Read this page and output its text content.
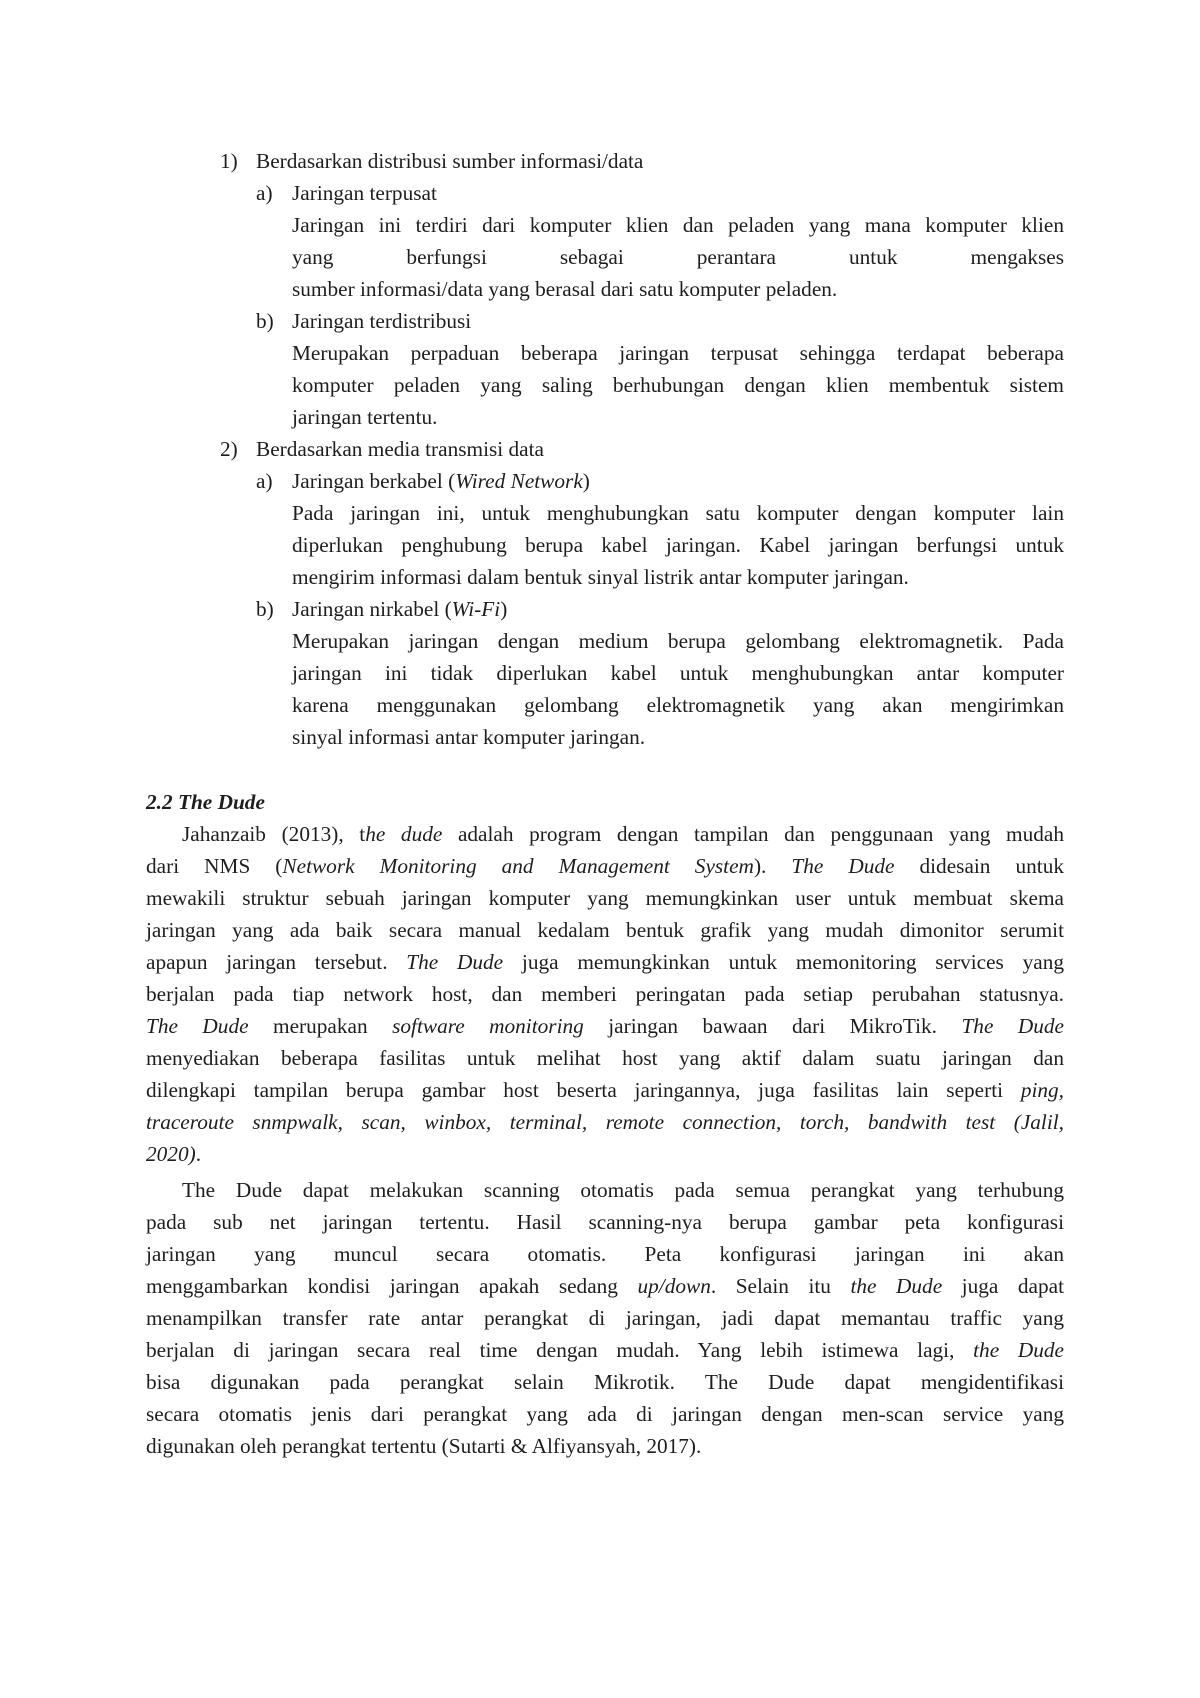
1) Berdasarkan distribusi sumber informasi/data
a) Jaringan terpusat
Jaringan ini terdiri dari komputer klien dan peladen yang mana komputer klien
yang berfungsi sebagai perantara untuk mengakses
sumber informasi/data yang berasal dari satu komputer peladen.
b) Jaringan terdistribusi
Merupakan perpaduan beberapa jaringan terpusat sehingga terdapat beberapa
komputer peladen yang saling berhubungan dengan klien membentuk sistem
jaringan tertentu.
2) Berdasarkan media transmisi data
a) Jaringan berkabel (Wired Network)
Pada jaringan ini, untuk menghubungkan satu komputer dengan komputer lain
diperlukan penghubung berupa kabel jaringan. Kabel jaringan berfungsi untuk
mengirim informasi dalam bentuk sinyal listrik antar komputer jaringan.
b) Jaringan nirkabel (Wi-Fi)
Merupakan jaringan dengan medium berupa gelombang elektromagnetik. Pada
jaringan ini tidak diperlukan kabel untuk menghubungkan antar komputer
karena menggunakan gelombang elektromagnetik yang akan mengirimkan
sinyal informasi antar komputer jaringan.
2.2 The Dude
Jahanzaib (2013), the dude adalah program dengan tampilan dan penggunaan yang mudah
dari NMS (Network Monitoring and Management System). The Dude didesain untuk
mewakili struktur sebuah jaringan komputer yang memungkinkan user untuk membuat skema
jaringan yang ada baik secara manual kedalam bentuk grafik yang mudah dimonitor serumit
apapun jaringan tersebut. The Dude juga memungkinkan untuk memonitoring services yang
berjalan pada tiap network host, dan memberi peringatan pada setiap perubahan statusnya.
The Dude merupakan software monitoring jaringan bawaan dari MikroTik. The Dude
menyediakan beberapa fasilitas untuk melihat host yang aktif dalam suatu jaringan dan
dilengkapi tampilan berupa gambar host beserta jaringannya, juga fasilitas lain seperti ping,
traceroute snmpwalk, scan, winbox, terminal, remote connection, torch, bandwith test (Jalil,
2020).
The Dude dapat melakukan scanning otomatis pada semua perangkat yang terhubung
pada sub net jaringan tertentu. Hasil scanning-nya berupa gambar peta konfigurasi
jaringan yang muncul secara otomatis. Peta konfigurasi jaringan ini akan
menggambarkan kondisi jaringan apakah sedang up/down. Selain itu the Dude juga dapat
menampilkan transfer rate antar perangkat di jaringan, jadi dapat memantau traffic yang
berjalan di jaringan secara real time dengan mudah. Yang lebih istimewa lagi, the Dude
bisa digunakan pada perangkat selain Mikrotik. The Dude dapat mengidentifikasi
secara otomatis jenis dari perangkat yang ada di jaringan dengan men-scan service yang
digunakan oleh perangkat tertentu (Sutarti & Alfiyansyah, 2017).
